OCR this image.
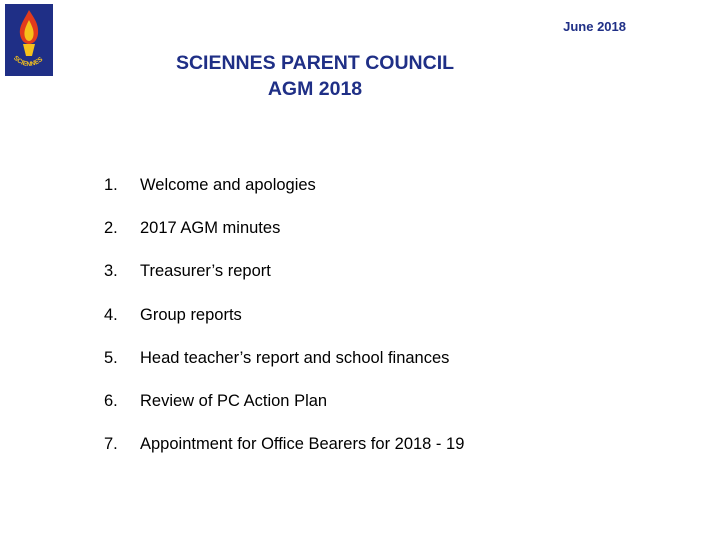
SCIENNES
June 2018
SCIENNES PARENT COUNCIL
AGM 2018
1.	Welcome and apologies
2.	2017 AGM minutes
3.	Treasurer’s report
4.	Group reports
5.	Head teacher’s report and school finances
6.	Review of PC Action Plan
7.	Appointment for Office Bearers for 2018 - 19
